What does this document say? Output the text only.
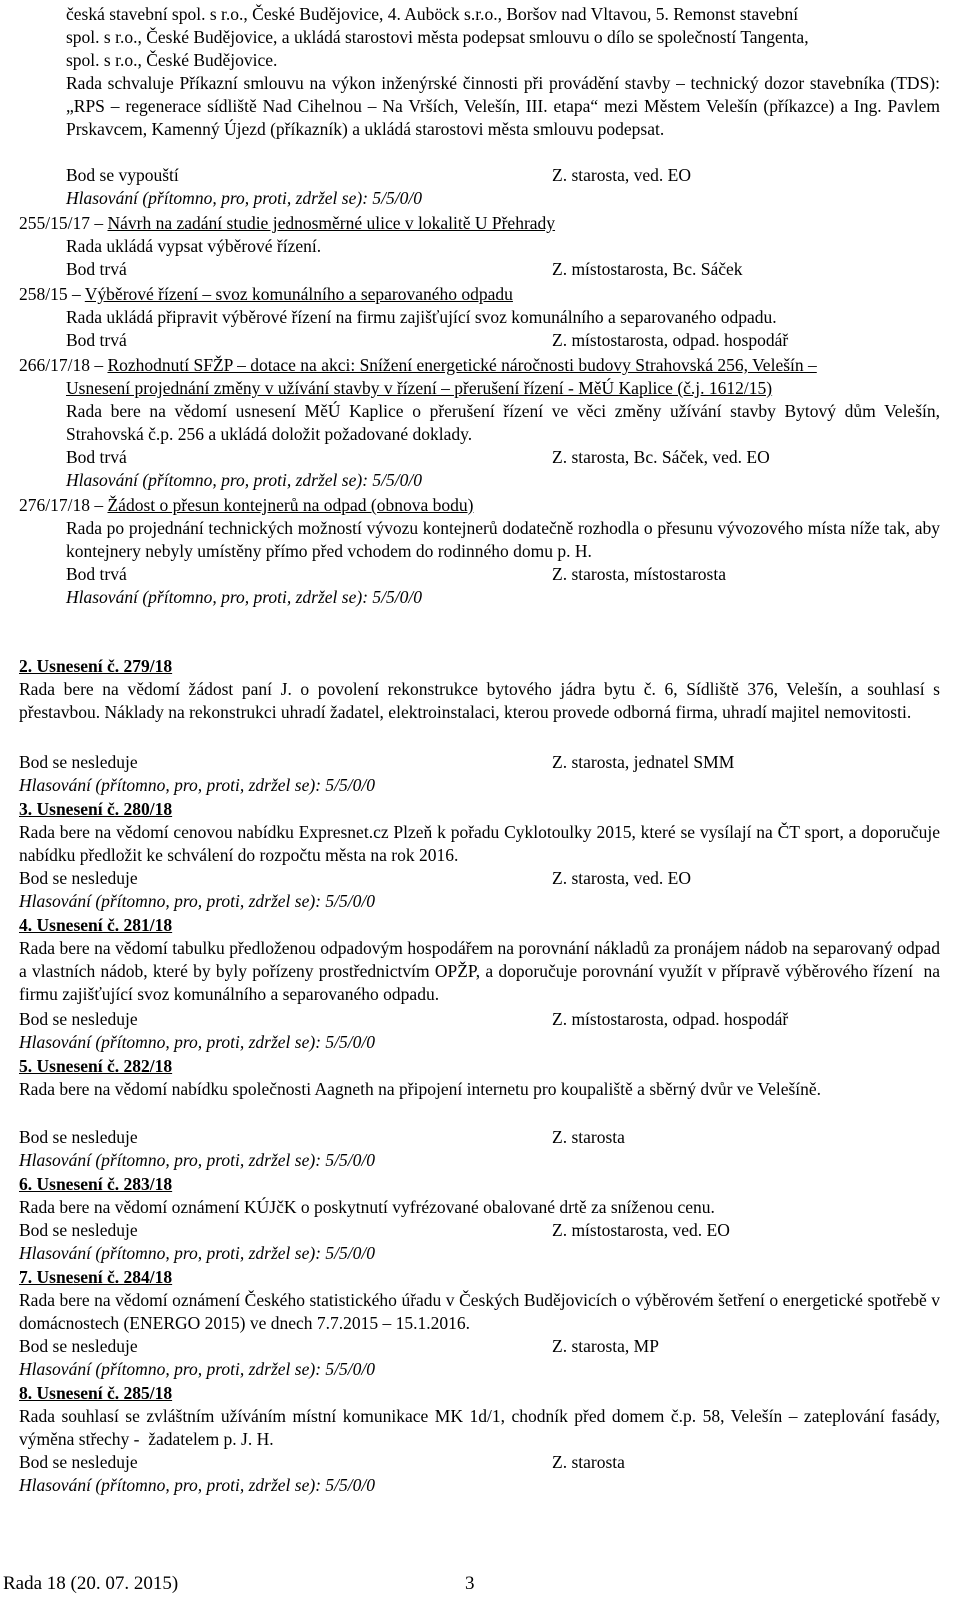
česká stavební spol. s r.o., České Budějovice, 4. Auböck s.r.o., Boršov nad Vltavou, 5. Remonst stavební

spol. s r.o., České Budějovice, a ukládá starostovi města podepsat smlouvu o dílo se společností Tangenta,

spol. s r.o., České Budějovice.

Rada schvaluje Příkazní smlouvu na výkon inženýrské činnosti při provádění stavby – technický dozor stavebníka (TDS): „RPS – regenerace sídliště Nad Cihelnou – Na Vrších, Velešín, III. etapa“ mezi Městem Velešín (příkazce) a Ing. Pavlem Prskavcem, Kamenný Újezd (příkazník) a ukládá starostovi města smlouvu podepsat.

Bod se vypouští	Z. starosta, ved. EO

Hlasování (přítomno, pro, proti, zdržel se): 5/5/0/0

255/15/17 – Návrh na zadání studie jednosměrné ulice v lokalitě U Přehrady

Rada ukládá vypsat výběrové řízení.

Bod trvá	Z. místostarosta, Bc. Sáček

258/15 – Výběrové řízení – svoz komunálního a separovaného odpadu

Rada ukládá připravit výběrové řízení na firmu zajišťující svoz komunálního a separovaného odpadu.

Bod trvá	Z. místostarosta, odpad. hospodář

266/17/18 – Rozhodnutí SFŽP – dotace na akci: Snížení energetické náročnosti budovy Strahovská 256, Velešín –

Usnesení projednání změny v užívání stavby v řízení – přerušení řízení - MěÚ Kaplice (č.j. 1612/15)

Rada bere na vědomí usnesení MěÚ Kaplice o přerušení řízení ve věci změny užívání stavby Bytový dům Velešín, Strahovská č.p. 256 a ukládá doložit požadované doklady.

Bod trvá	Z. starosta, Bc. Sáček, ved. EO

Hlasování (přítomno, pro, proti, zdržel se): 5/5/0/0

276/17/18 – Žádost o přesun kontejnerů na odpad (obnova bodu)

Rada po projednání technických možností vývozu kontejnerů dodatečně rozhodla o přesunu vývozového místa níže tak, aby kontejnery nebyly umístěny přímo před vchodem do rodinného domu p. H.

Bod trvá	Z. starosta, místostarosta

Hlasování (přítomno, pro, proti, zdržel se): 5/5/0/0

2. Usnesení č. 279/18

Rada bere na vědomí žádost paní J. o povolení rekonstrukce bytového jádra bytu č. 6, Sídliště 376, Velešín, a souhlasí s přestavbou. Náklady na rekonstrukci uhradí žadatel, elektroinstalaci, kterou provede odborná firma, uhradí majitel nemovitosti.

Bod se nesleduje	Z. starosta, jednatel SMM

Hlasování (přítomno, pro, proti, zdržel se): 5/5/0/0

3. Usnesení č. 280/18

Rada bere na vědomí cenovou nabídku Expresnet.cz Plzeň k pořadu Cyklotoulky 2015, které se vysílají na ČT sport, a doporučuje nabídku předložit ke schválení do rozpočtu města na rok 2016.

Bod se nesleduje	Z. starosta, ved. EO

Hlasování (přítomno, pro, proti, zdržel se): 5/5/0/0

4. Usnesení č. 281/18

Rada bere na vědomí tabulku předloženou odpadovým hospodářem na porovnání nákladů za pronájem nádob na separovaný odpad a vlastních nádob, které by byly pořízeny prostřednictvím OPŽP, a doporučuje porovnání využít v přípravě výběrového řízení  na firmu zajišťující svoz komunálního a separovaného odpadu.

Bod se nesleduje	Z. místostarosta, odpad. hospodář

Hlasování (přítomno, pro, proti, zdržel se): 5/5/0/0

5. Usnesení č. 282/18

Rada bere na vědomí nabídku společnosti Aagneth na připojení internetu pro koupaliště a sběrný dvůr ve Velešíně.

Bod se nesleduje	Z. starosta

Hlasování (přítomno, pro, proti, zdržel se): 5/5/0/0

6. Usnesení č. 283/18

Rada bere na vědomí oznámení KÚJčK o poskytnutí vyfrézované obalované drtě za sníženou cenu.

Bod se nesleduje	Z. místostarosta, ved. EO

Hlasování (přítomno, pro, proti, zdržel se): 5/5/0/0

7. Usnesení č. 284/18

Rada bere na vědomí oznámení Českého statistického úřadu v Českých Budějovicích o výběrovém šetření o energetické spotřebě v domácnostech (ENERGO 2015) ve dnech 7.7.2015 – 15.1.2016.

Bod se nesleduje	Z. starosta, MP

Hlasování (přítomno, pro, proti, zdržel se): 5/5/0/0

8. Usnesení č. 285/18

Rada souhlasí se zvláštním užíváním místní komunikace MK 1d/1, chodník před domem č.p. 58, Velešín – zateplování fasády, výměna střechy -  žadatelem p. J. H.

Bod se nesleduje	Z. starosta

Hlasování (přítomno, pro, proti, zdržel se): 5/5/0/0

Rada 18 (20. 07. 2015)	3
